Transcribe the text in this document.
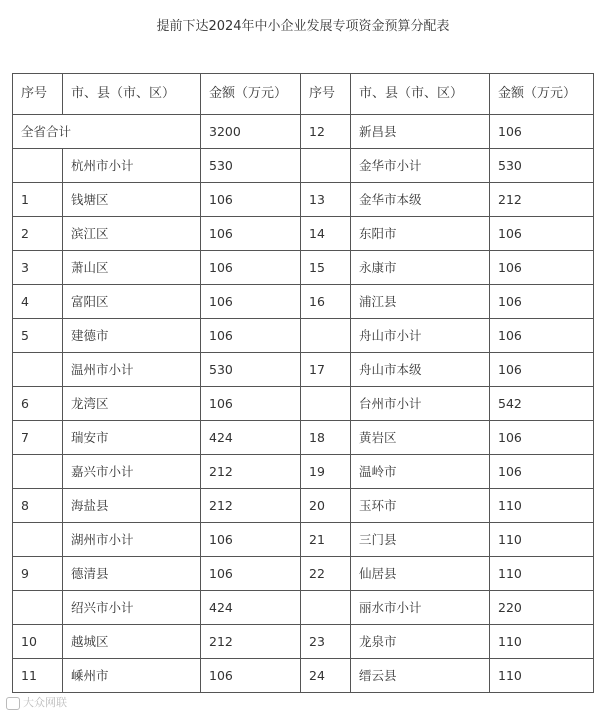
提前下达2024年中小企业发展专项资金预算分配表
序号	市、县（市、区）	金额（万元）	序号	市、县（市、区）	金额（万元）
全省合计		3200	12	新昌县	106
	杭州市小计	530		金华市小计	530
1	钱塘区	106	13	金华市本级	212
2	滨江区	106	14	东阳市	106
3	萧山区	106	15	永康市	106
4	富阳区	106	16	浦江县	106
5	建德市	106		舟山市小计	106
	温州市小计	530	17	舟山市本级	106
6	龙湾区	106		台州市小计	542
7	瑞安市	424	18	黄岩区	106
	嘉兴市小计	212	19	温岭市	106
8	海盐县	212	20	玉环市	110
	湖州市小计	106	21	三门县	110
9	德清县	106	22	仙居县	110
	绍兴市小计	424		丽水市小计	220
10	越城区	212	23	龙泉市	110
11	嵊州市	106	24	缙云县	110
大众网联
